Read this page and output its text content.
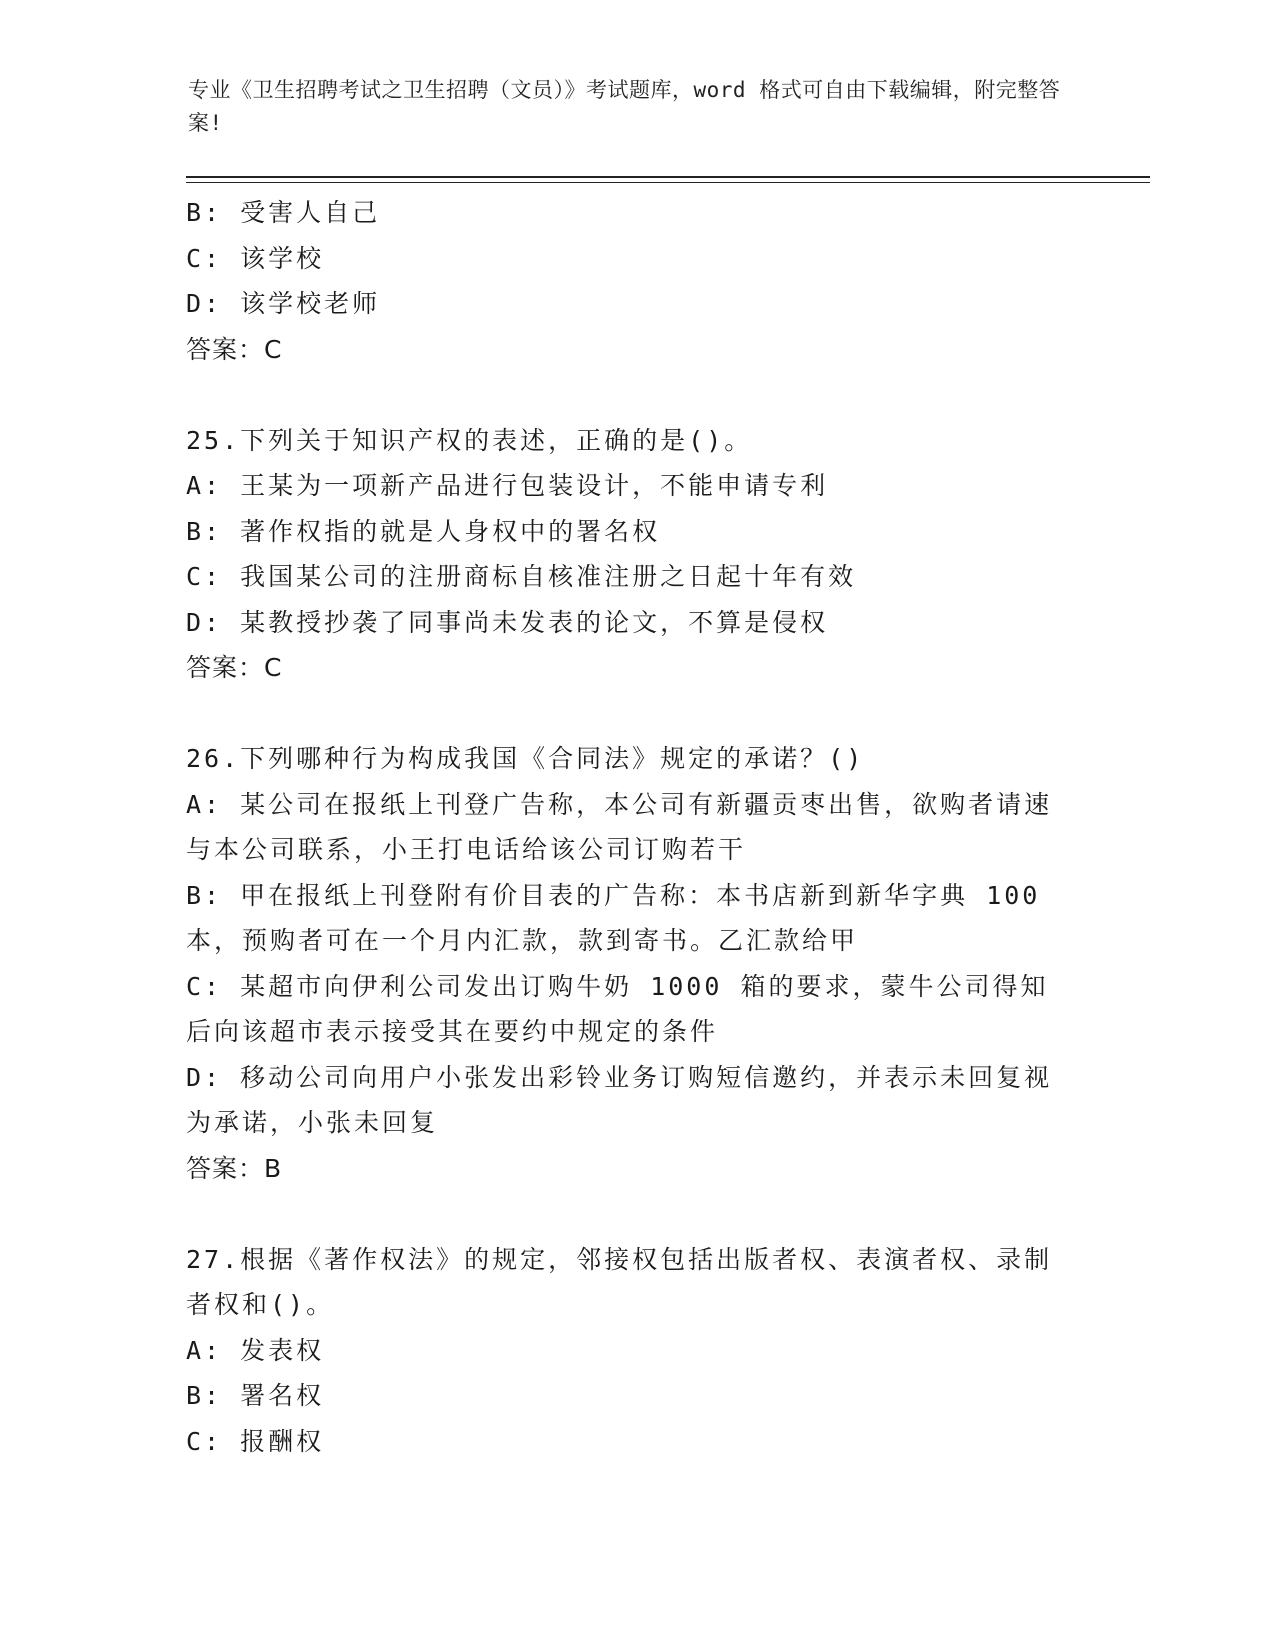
专业《卫生招聘考试之卫生招聘（文员）》考试题库，word 格式可自由下载编辑，附完整答案!
B: 受害人自己
C: 该学校
D: 该学校老师
答案：C
25.下列关于知识产权的表述，正确的是()。
A: 王某为一项新产品进行包装设计，不能申请专利
B: 著作权指的就是人身权中的署名权
C: 我国某公司的注册商标自核准注册之日起十年有效
D: 某教授抄袭了同事尚未发表的论文，不算是侵权
答案：C
26.下列哪种行为构成我国《合同法》规定的承诺？()
A: 某公司在报纸上刊登广告称，本公司有新疆贡枣出售，欲购者请速与本公司联系，小王打电话给该公司订购若干
B: 甲在报纸上刊登附有价目表的广告称：本书店新到新华字典 100 本，预购者可在一个月内汇款，款到寄书。乙汇款给甲
C: 某超市向伊利公司发出订购牛奶 1000 箱的要求，蒙牛公司得知后向该超市表示接受其在要约中规定的条件
D: 移动公司向用户小张发出彩铃业务订购短信邀约，并表示未回复视为承诺，小张未回复
答案：B
27.根据《著作权法》的规定，邻接权包括出版者权、表演者权、录制者权和()。
A: 发表权
B: 署名权
C: 报酬权
